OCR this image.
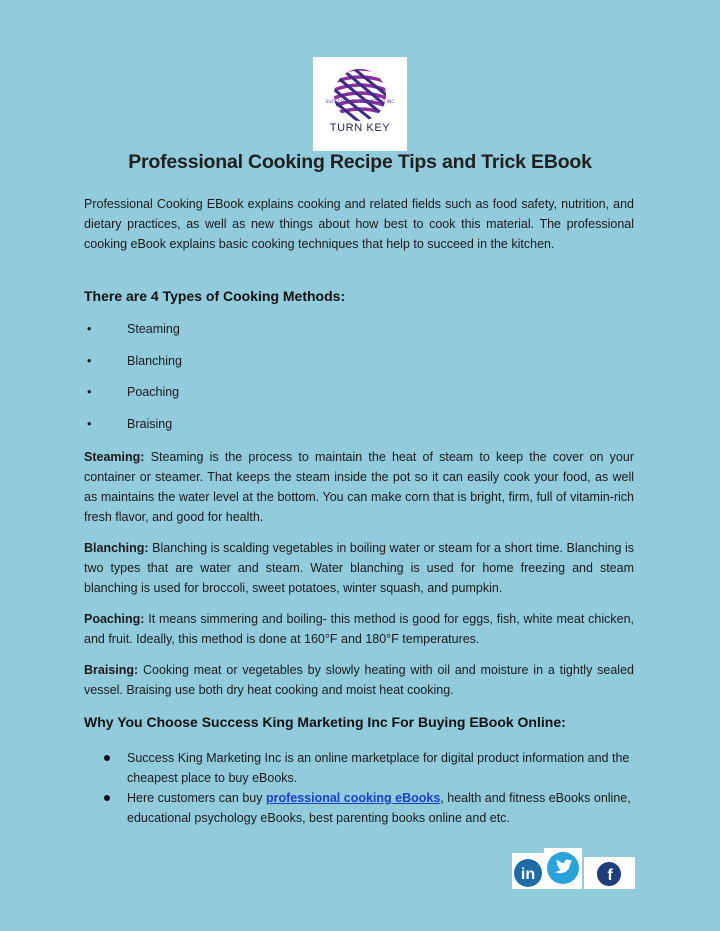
SUCCESS KING MARKETING INC
TURN KEY
Professional Cooking Recipe Tips and Trick EBook

Professional Cooking EBook explains cooking and related fields such as food safety, nutrition, and dietary practices, as well as new things about how best to cook this material. The professional cooking eBook explains basic cooking techniques that help to succeed in the kitchen.

There are 4 Types of Cooking Methods:
•	Steaming
•	Blanching
•	Poaching
•	Braising

Steaming: Steaming is the process to maintain the heat of steam to keep the cover on your container or steamer. That keeps the steam inside the pot so it can easily cook your food, as well as maintains the water level at the bottom. You can make corn that is bright, firm, full of vitamin-rich fresh flavor, and good for health.

Blanching: Blanching is scalding vegetables in boiling water or steam for a short time. Blanching is two types that are water and steam. Water blanching is used for home freezing and steam blanching is used for broccoli, sweet potatoes, winter squash, and pumpkin.

Poaching: It means simmering and boiling- this method is good for eggs, fish, white meat chicken, and fruit. Ideally, this method is done at 160°F and 180°F temperatures.

Braising: Cooking meat or vegetables by slowly heating with oil and moisture in a tightly sealed vessel. Braising use both dry heat cooking and moist heat cooking.

Why You Choose Success King Marketing Inc For Buying EBook Online:
Success King Marketing Inc is an online marketplace for digital product information and the cheapest place to buy eBooks.
Here customers can buy professional cooking eBooks, health and fitness eBooks online, educational psychology eBooks, best parenting books online and etc.
in	f
